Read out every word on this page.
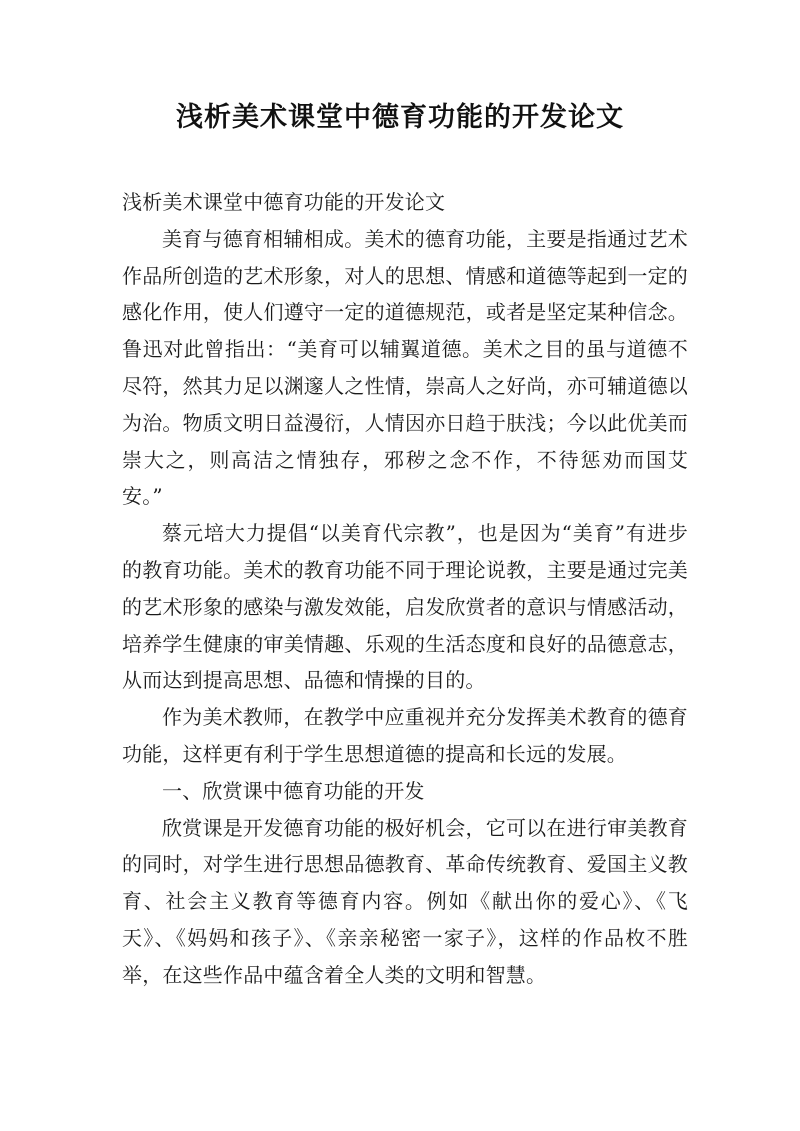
浅析美术课堂中德育功能的开发论文

浅析美术课堂中德育功能的开发论文

美育与德育相辅相成。美术的德育功能，主要是指通过艺术作品所创造的艺术形象，对人的思想、情感和道德等起到一定的感化作用，使人们遵守一定的道德规范，或者是坚定某种信念。鲁迅对此曾指出：“美育可以辅翼道德。美术之目的虽与道德不尽符，然其力足以渊邃人之性情，崇高人之好尚，亦可辅道德以为治。物质文明日益漫衍，人情因亦日趋于肤浅；今以此优美而崇大之，则高洁之情独存，邪秽之念不作，不待惩劝而国艾安。”

蔡元培大力提倡“以美育代宗教”，也是因为“美育”有进步的教育功能。美术的教育功能不同于理论说教，主要是通过完美的艺术形象的感染与激发效能，启发欣赏者的意识与情感活动，培养学生健康的审美情趣、乐观的生活态度和良好的品德意志，从而达到提高思想、品德和情操的目的。

作为美术教师，在教学中应重视并充分发挥美术教育的德育功能，这样更有利于学生思想道德的提高和长远的发展。

一、欣赏课中德育功能的开发

欣赏课是开发德育功能的极好机会，它可以在进行审美教育的同时，对学生进行思想品德教育、革命传统教育、爱国主义教育、社会主义教育等德育内容。例如《献出你的爱心》、《飞天》、《妈妈和孩子》、《亲亲秘密一家子》，这样的作品枚不胜举，在这些作品中蕴含着全人类的文明和智慧。
